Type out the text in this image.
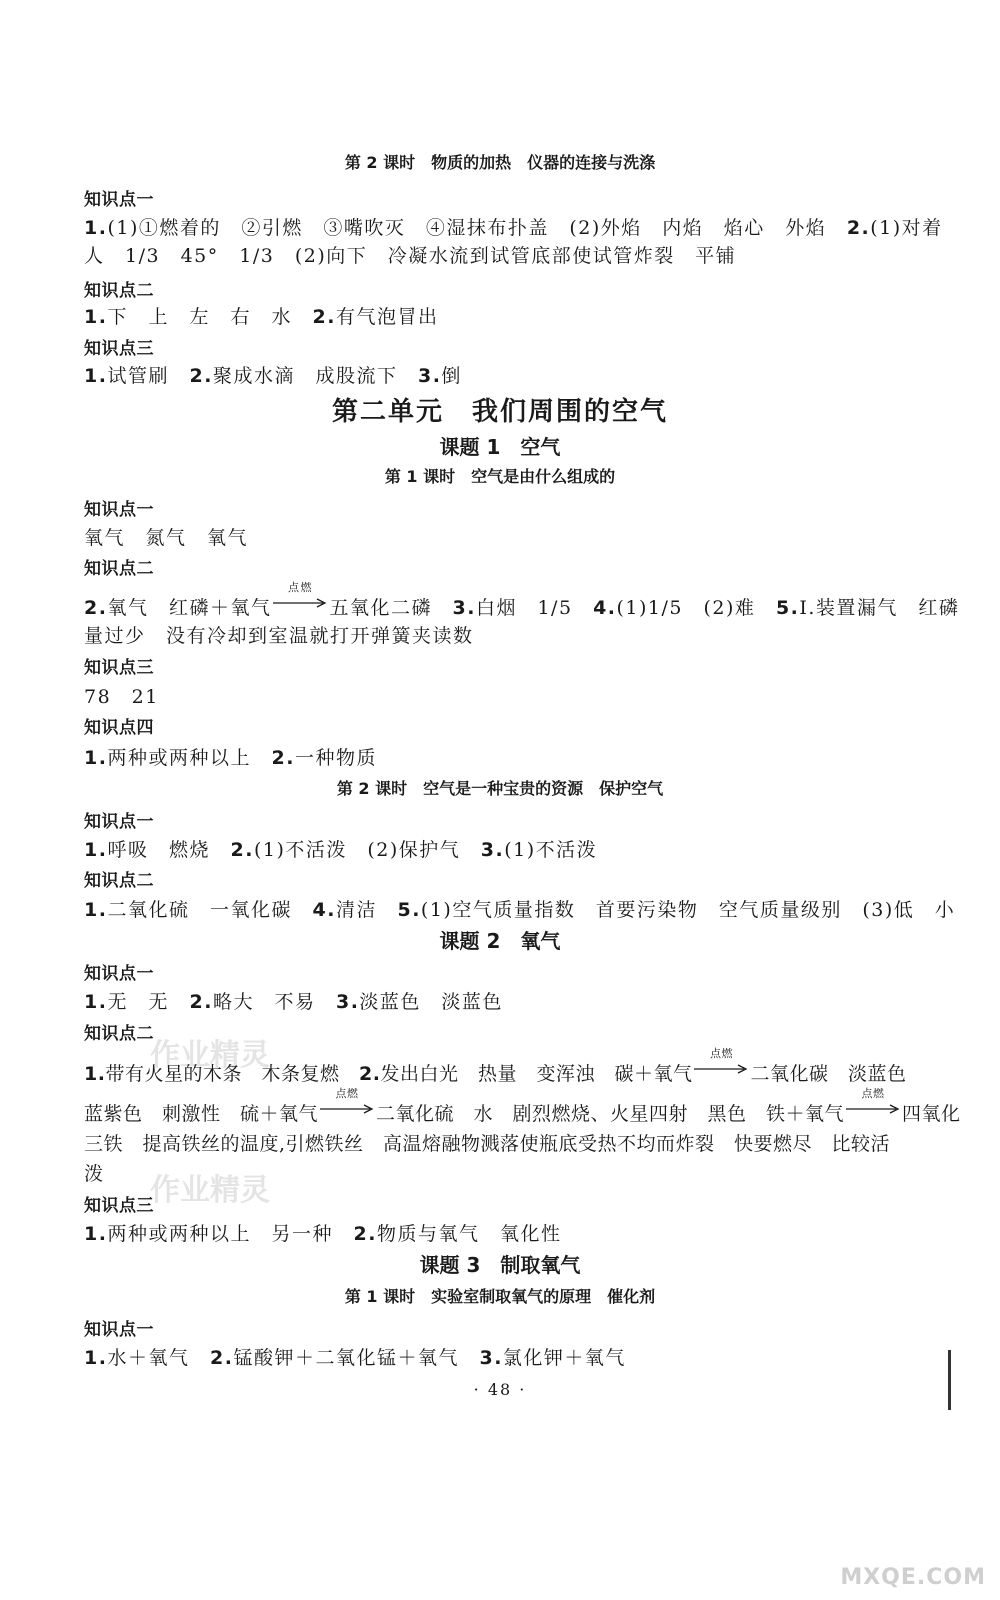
作业精灵
作业精灵
第 2 课时　物质的加热　仪器的连接与洗涤
知识点一
1.(1)①燃着的　②引燃　③嘴吹灭　④湿抹布扑盖　(2)外焰　内焰　焰心　外焰　 2.(1)对着
人　1/3　45°　1/3　(2)向下　冷凝水流到试管底部使试管炸裂　平铺
知识点二
1.下　上　左　右　水　 2.有气泡冒出
知识点三
1.试管刷　 2.聚成水滴　成股流下　 3.倒
第二单元　我们周围的空气
课题 1　空气
第 1 课时　空气是由什么组成的
知识点一
氧气　氮气　氧气
知识点二
2.氧气　红磷＋氧气
点燃
五氧化二磷　 3.白烟　1/5　 4.(1)1/5　(2)难　 5.Ⅰ.装置漏气　红磷
量过少　没有冷却到室温就打开弹簧夹读数
知识点三
78　21
知识点四
1.两种或两种以上　 2.一种物质
第 2 课时　空气是一种宝贵的资源　保护空气
知识点一
1.呼吸　燃烧　 2.(1)不活泼　(2)保护气　 3.(1)不活泼
知识点二
1.二氧化硫　一氧化碳　 4.清洁　 5.(1)空气质量指数　首要污染物　空气质量级别　(3)低　小
课题 2　氧气
知识点一
1.无　无　 2.略大　不易　 3.淡蓝色　淡蓝色
知识点二
1.带有火星的木条　木条复燃　 2.发出白光　热量　变浑浊　碳＋氧气
点燃
二氧化碳　淡蓝色
蓝紫色　刺激性　硫＋氧气
点燃
二氧化硫　水　剧烈燃烧、火星四射　黑色　铁＋氧气
点燃
四氧化
三铁　提高铁丝的温度,引燃铁丝　高温熔融物溅落使瓶底受热不均而炸裂　快要燃尽　比较活
泼
知识点三
1.两种或两种以上　另一种　 2.物质与氧气　氧化性
课题 3　制取氧气
第 1 课时　实验室制取氧气的原理　催化剂
知识点一
1.水＋氧气　 2.锰酸钾＋二氧化锰＋氧气　 3.氯化钾＋氧气
· 48 ·
MXQE.COM
